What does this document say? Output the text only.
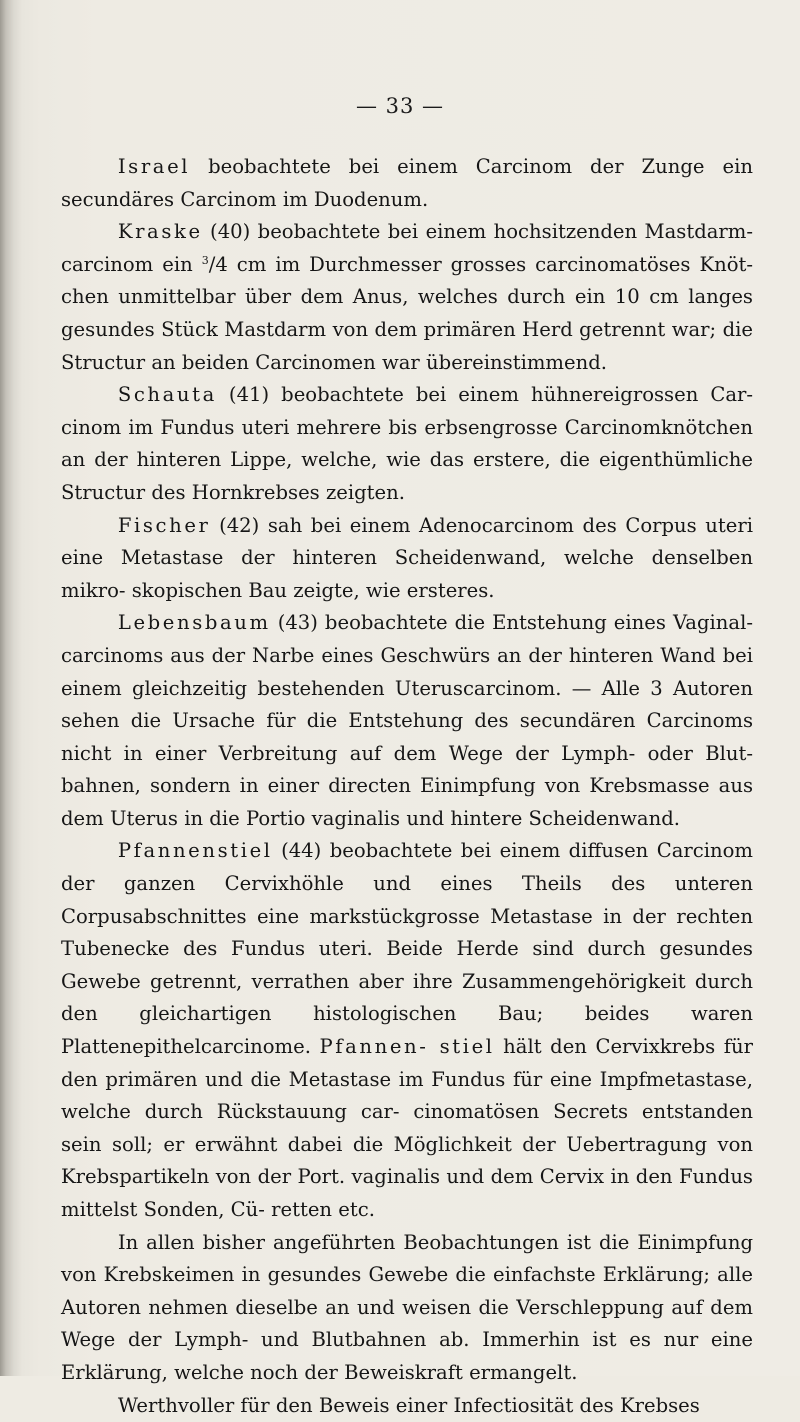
— 33 —

Israel beobachtete bei einem Carcinom der Zunge ein secundäres Carcinom im Duodenum.

Kraske (40) beobachtete bei einem hochsitzenden Mastdarm- carcinom ein $^3$/4 cm im Durchmesser grosses carcinomatöses Knöt- chen unmittelbar über dem Anus, welches durch ein 10 cm langes gesundes Stück Mastdarm von dem primären Herd getrennt war; die Structur an beiden Carcinomen war übereinstimmend.

Schauta (41) beobachtete bei einem hühnereigrossen Car- cinom im Fundus uteri mehrere bis erbsengrosse Carcinomknötchen an der hinteren Lippe, welche, wie das erstere, die eigenthümliche Structur des Hornkrebses zeigten.

Fischer (42) sah bei einem Adenocarcinom des Corpus uteri eine Metastase der hinteren Scheidenwand, welche denselben mikro- skopischen Bau zeigte, wie ersteres.

Lebensbaum (43) beobachtete die Entstehung eines Vaginal- carcinoms aus der Narbe eines Geschwürs an der hinteren Wand bei einem gleichzeitig bestehenden Uteruscarcinom. — Alle 3 Autoren sehen die Ursache für die Entstehung des secundären Carcinoms nicht in einer Verbreitung auf dem Wege der Lymph- oder Blut- bahnen, sondern in einer directen Einimpfung von Krebsmasse aus dem Uterus in die Portio vaginalis und hintere Scheidenwand.

Pfannenstiel (44) beobachtete bei einem diffusen Carcinom der ganzen Cervixhöhle und eines Theils des unteren Corpusabschnittes eine markstückgrosse Metastase in der rechten Tubenecke des Fundus uteri. Beide Herde sind durch gesundes Gewebe getrennt, verrathen aber ihre Zusammengehörigkeit durch den gleichartigen histologischen Bau; beides waren Plattenepithelcarcinome. Pfannen- stiel hält den Cervixkrebs für den primären und die Metastase im Fundus für eine Impfmetastase, welche durch Rückstauung car- cinomatösen Secrets entstanden sein soll; er erwähnt dabei die Möglichkeit der Uebertragung von Krebspartikeln von der Port. vaginalis und dem Cervix in den Fundus mittelst Sonden, Cü- retten etc.

In allen bisher angeführten Beobachtungen ist die Einimpfung von Krebskeimen in gesundes Gewebe die einfachste Erklärung; alle Autoren nehmen dieselbe an und weisen die Verschleppung auf dem Wege der Lymph- und Blutbahnen ab. Immerhin ist es nur eine Erklärung, welche noch der Beweiskraft ermangelt.

Werthvoller für den Beweis einer Infectiosität des Krebses
